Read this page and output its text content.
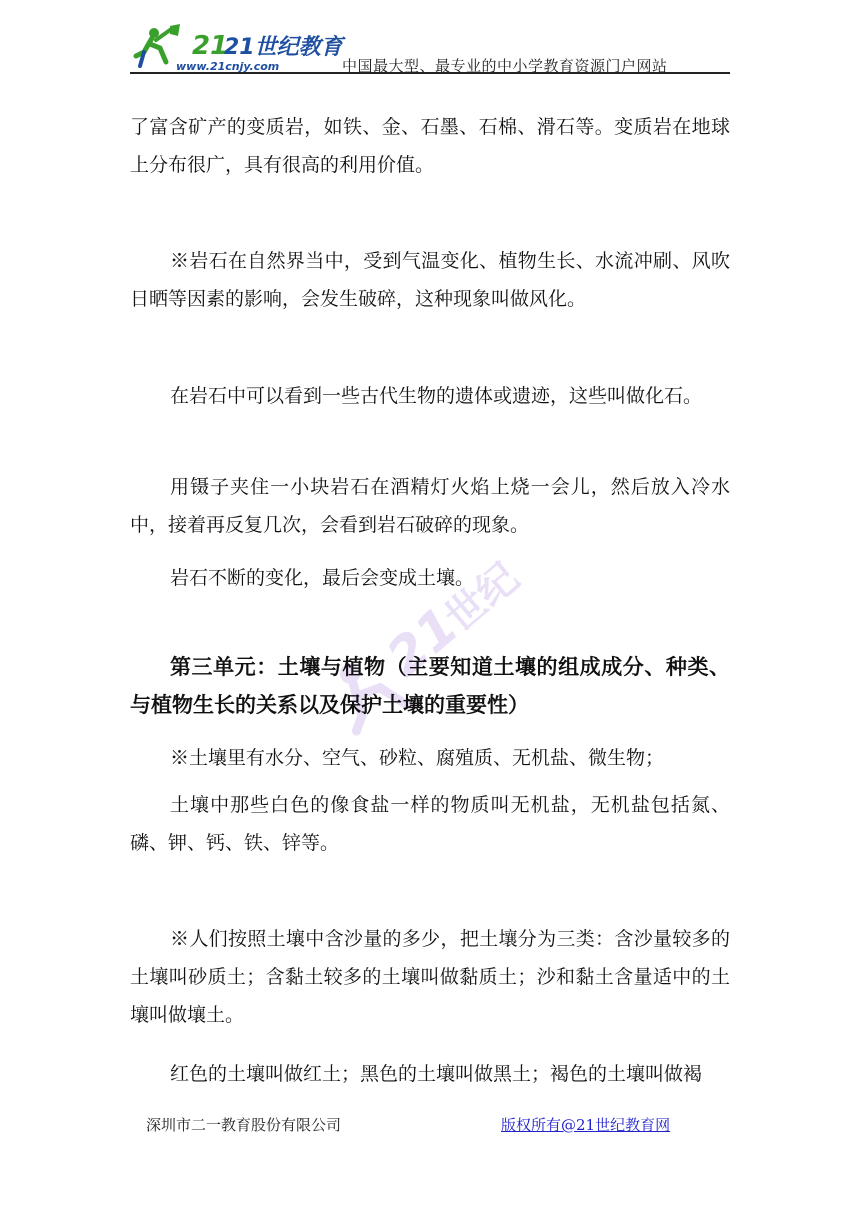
21
21世纪教育
www.21cnjy.com	中国最大型、最专业的中小学教育资源门户网站
21
世纪
了富含矿产的变质岩，如铁、金、石墨、石棉、滑石等。变质岩在地球上分布很广，具有很高的利用价值。
※岩石在自然界当中，受到气温变化、植物生长、水流冲刷、风吹日晒等因素的影响，会发生破碎，这种现象叫做风化。
在岩石中可以看到一些古代生物的遗体或遗迹，这些叫做化石。
用镊子夹住一小块岩石在酒精灯火焰上烧一会儿，然后放入冷水中，接着再反复几次，会看到岩石破碎的现象。
岩石不断的变化，最后会变成土壤。
第三单元：土壤与植物（主要知道土壤的组成成分、种类、与植物生长的关系以及保护土壤的重要性）
※土壤里有水分、空气、砂粒、腐殖质、无机盐、微生物；
土壤中那些白色的像食盐一样的物质叫无机盐，无机盐包括氮、磷、钾、钙、铁、锌等。
※人们按照土壤中含沙量的多少，把土壤分为三类：含沙量较多的土壤叫砂质土；含黏土较多的土壤叫做黏质土；沙和黏土含量适中的土壤叫做壤土。
红色的土壤叫做红土；黑色的土壤叫做黑土；褐色的土壤叫做褐
深圳市二一教育股份有限公司	版权所有@21世纪教育网
